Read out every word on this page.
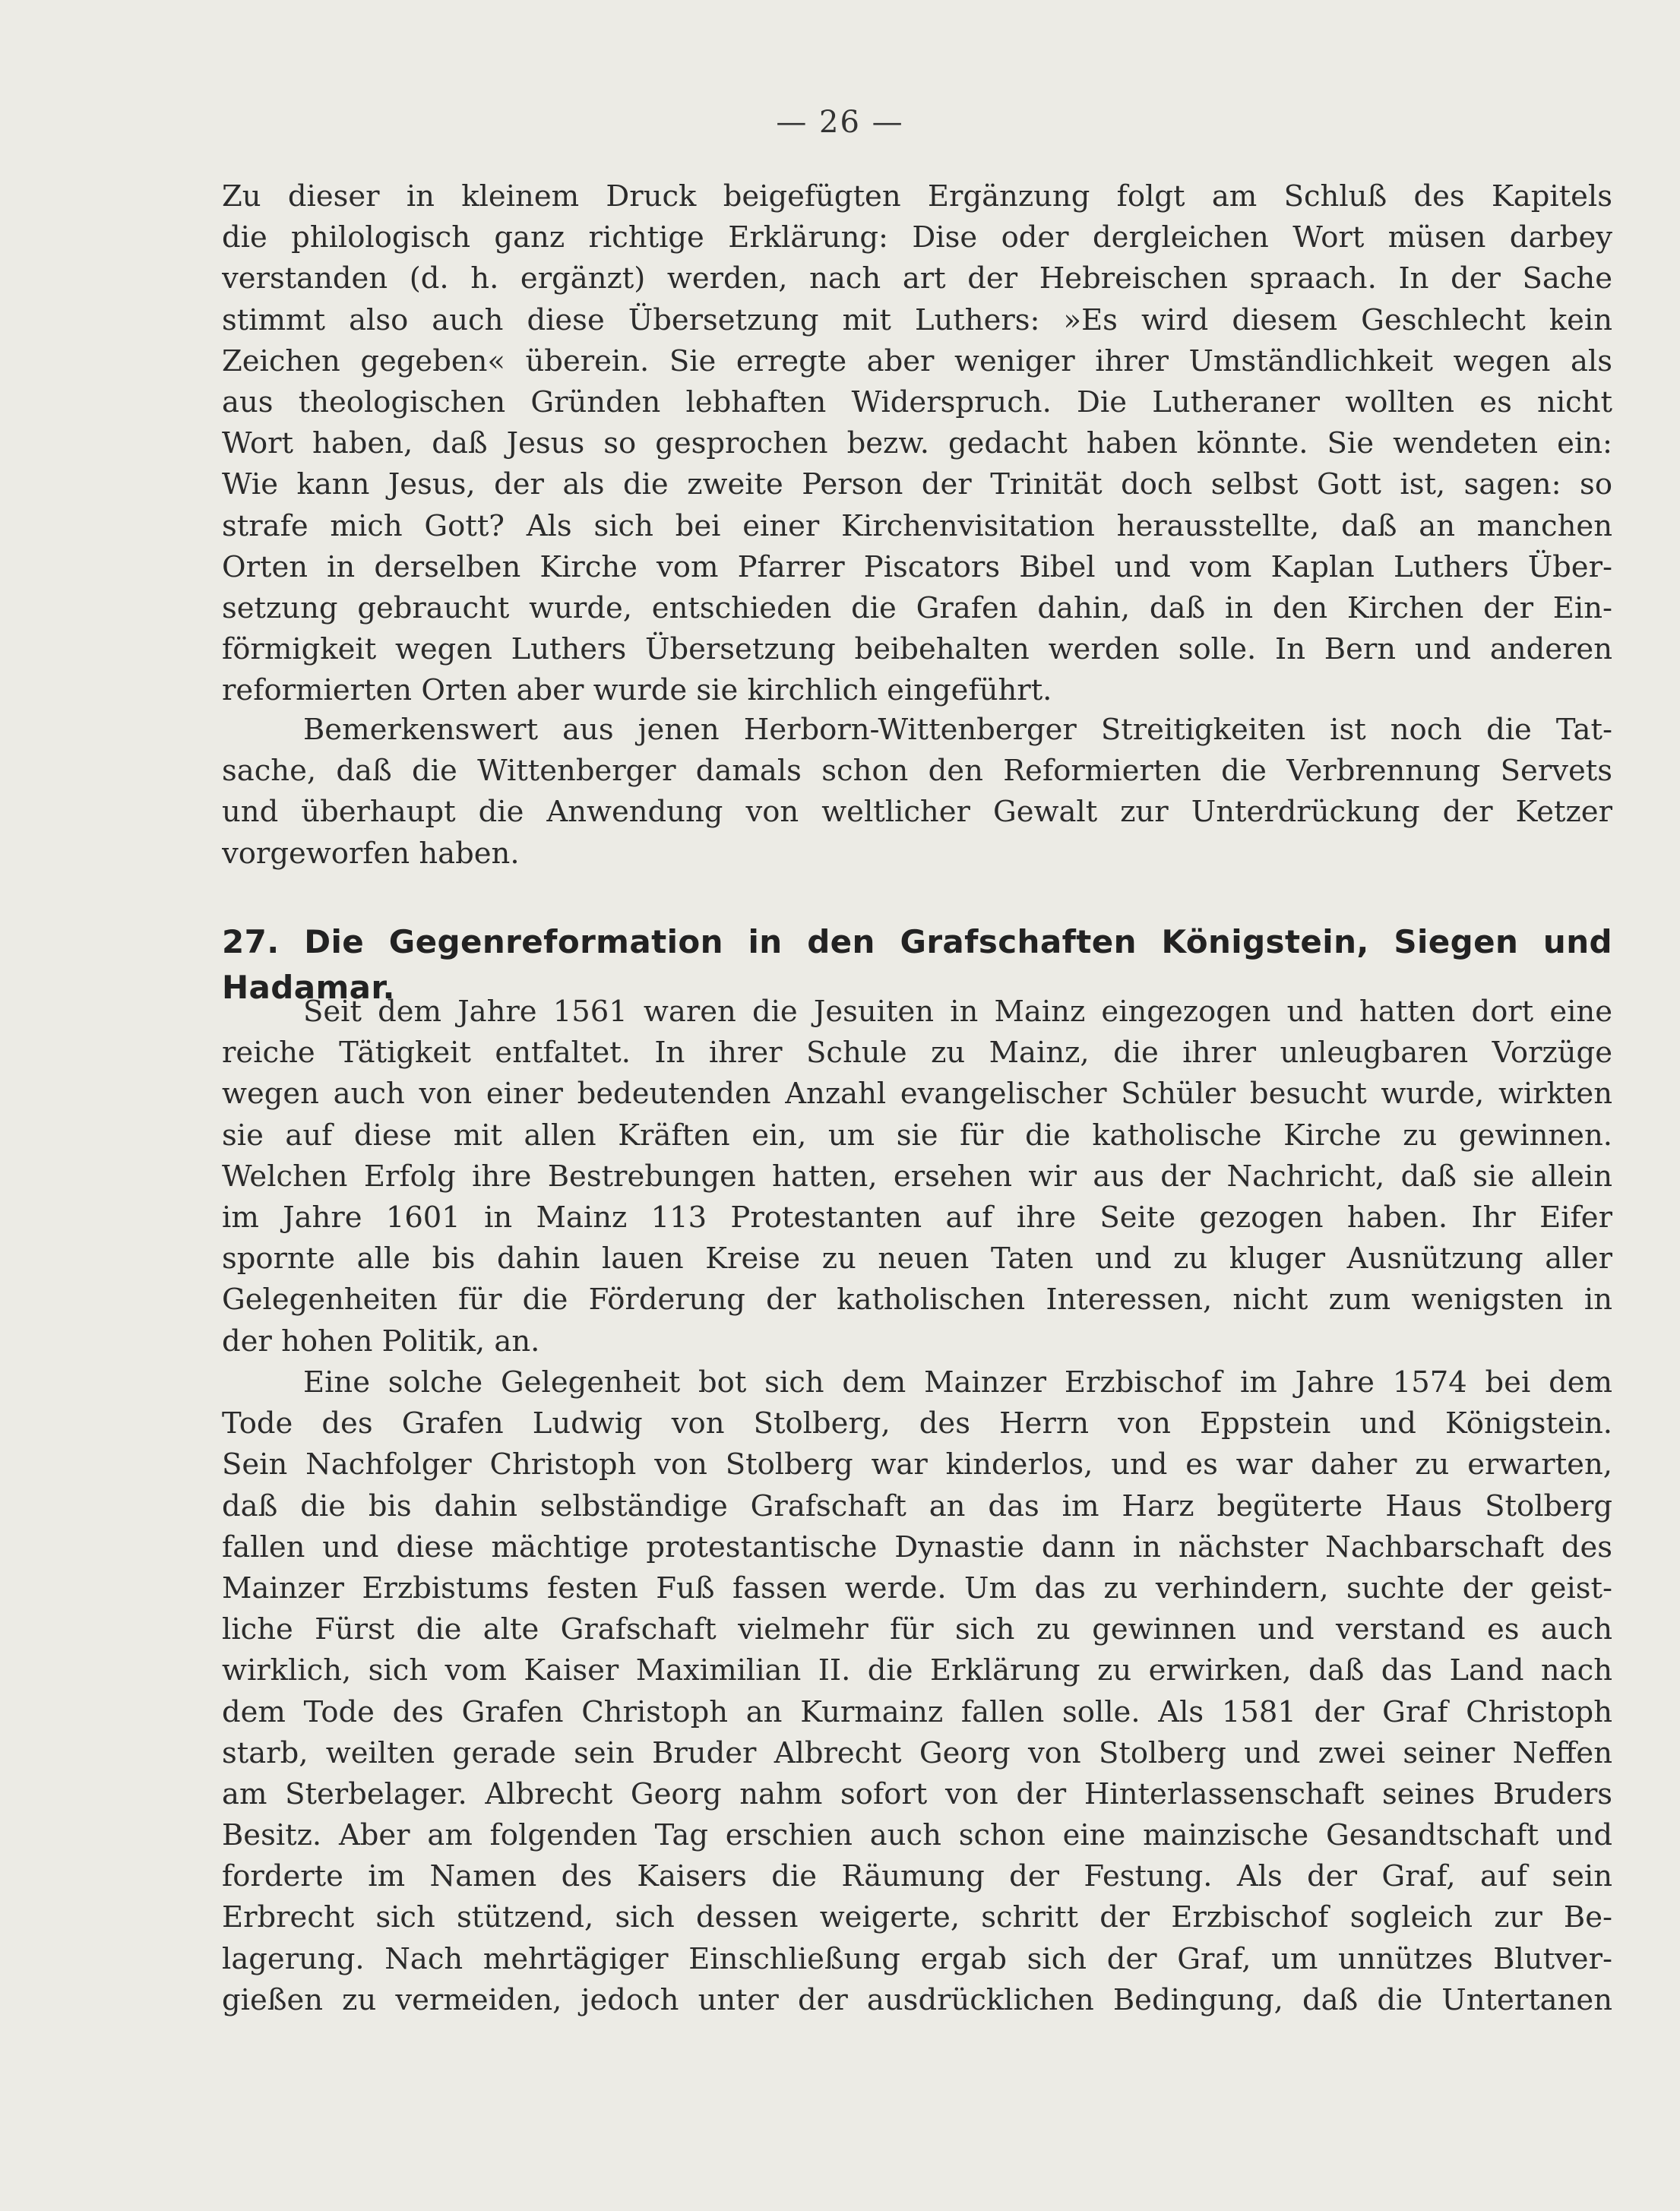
— 26 —
Zu dieser in kleinem Druck beigefügten Ergänzung folgt am Schluß des Kapitels
die philologisch ganz richtige Erklärung: Dise oder dergleichen Wort müsen darbey
verstanden (d. h. ergänzt) werden, nach art der Hebreischen spraach. In der Sache
stimmt also auch diese Übersetzung mit Luthers: »Es wird diesem Geschlecht kein
Zeichen gegeben« überein. Sie erregte aber weniger ihrer Umständlichkeit wegen als
aus theologischen Gründen lebhaften Widerspruch. Die Lutheraner wollten es nicht
Wort haben, daß Jesus so gesprochen bezw. gedacht haben könnte. Sie wendeten ein:
Wie kann Jesus, der als die zweite Person der Trinität doch selbst Gott ist, sagen: so
strafe mich Gott? Als sich bei einer Kirchenvisitation herausstellte, daß an manchen
Orten in derselben Kirche vom Pfarrer Piscators Bibel und vom Kaplan Luthers Über-
setzung gebraucht wurde, entschieden die Grafen dahin, daß in den Kirchen der Ein-
förmigkeit wegen Luthers Übersetzung beibehalten werden solle. In Bern und anderen
reformierten Orten aber wurde sie kirchlich eingeführt.
Bemerkenswert aus jenen Herborn-Wittenberger Streitigkeiten ist noch die Tat-
sache, daß die Wittenberger damals schon den Reformierten die Verbrennung Servets
und überhaupt die Anwendung von weltlicher Gewalt zur Unterdrückung der Ketzer
vorgeworfen haben.
27. Die Gegenreformation in den Grafschaften Königstein, Siegen und Hadamar.
Seit dem Jahre 1561 waren die Jesuiten in Mainz eingezogen und hatten dort eine
reiche Tätigkeit entfaltet. In ihrer Schule zu Mainz, die ihrer unleugbaren Vorzüge
wegen auch von einer bedeutenden Anzahl evangelischer Schüler besucht wurde, wirkten
sie auf diese mit allen Kräften ein, um sie für die katholische Kirche zu gewinnen.
Welchen Erfolg ihre Bestrebungen hatten, ersehen wir aus der Nachricht, daß sie allein
im Jahre 1601 in Mainz 113 Protestanten auf ihre Seite gezogen haben. Ihr Eifer
spornte alle bis dahin lauen Kreise zu neuen Taten und zu kluger Ausnützung aller
Gelegenheiten für die Förderung der katholischen Interessen, nicht zum wenigsten in
der hohen Politik, an.
Eine solche Gelegenheit bot sich dem Mainzer Erzbischof im Jahre 1574 bei dem
Tode des Grafen Ludwig von Stolberg, des Herrn von Eppstein und Königstein.
Sein Nachfolger Christoph von Stolberg war kinderlos, und es war daher zu erwarten,
daß die bis dahin selbständige Grafschaft an das im Harz begüterte Haus Stolberg
fallen und diese mächtige protestantische Dynastie dann in nächster Nachbarschaft des
Mainzer Erzbistums festen Fuß fassen werde. Um das zu verhindern, suchte der geist-
liche Fürst die alte Grafschaft vielmehr für sich zu gewinnen und verstand es auch
wirklich, sich vom Kaiser Maximilian II. die Erklärung zu erwirken, daß das Land nach
dem Tode des Grafen Christoph an Kurmainz fallen solle. Als 1581 der Graf Christoph
starb, weilten gerade sein Bruder Albrecht Georg von Stolberg und zwei seiner Neffen
am Sterbelager. Albrecht Georg nahm sofort von der Hinterlassenschaft seines Bruders
Besitz. Aber am folgenden Tag erschien auch schon eine mainzische Gesandtschaft und
forderte im Namen des Kaisers die Räumung der Festung. Als der Graf, auf sein
Erbrecht sich stützend, sich dessen weigerte, schritt der Erzbischof sogleich zur Be-
lagerung. Nach mehrtägiger Einschließung ergab sich der Graf, um unnützes Blutver-
gießen zu vermeiden, jedoch unter der ausdrücklichen Bedingung, daß die Untertanen
